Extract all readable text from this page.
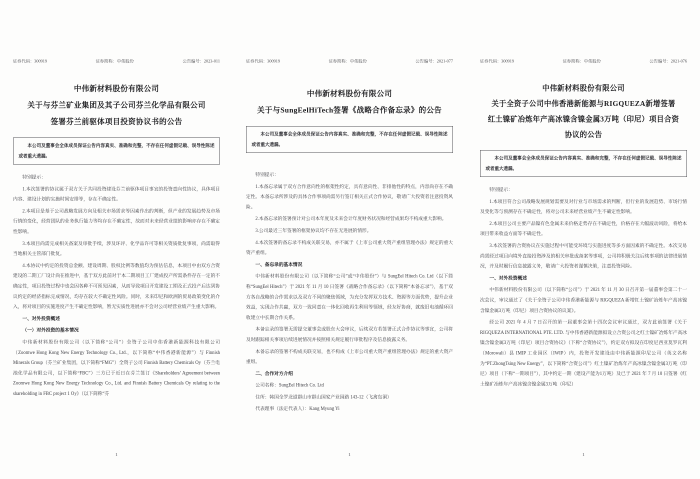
证券代码：300919	证券简称：中伟股份	公告编号：2023-011
中伟新材料股份有限公司
关于与芬兰矿业集团及其子公司芬兰化学品有限公司
签署芬兰前驱体项目投资协议书的公告
本公司及董事会全体成员保证公告内容真实、准确和完整，不存在任何虚假记载、误导性陈述或者重大遗漏。

特别提示：

1.本次签署的协议属于双方关于共同投资建设芬兰前驱体项目事宜的投资意向性协议，具体项目内容、建设计划的实施时间安排等，存在不确定性。

2.本项目是基于公司战略发展方向及相关市场需求等因素作出的判断，但产业的发展趋势及市场行情的变化，经营团队的业务执行能力等均存在不确定性，故而对未来经营业绩的影响亦存在不确定性影响。

3.本项目尚需完成相关备案及审批手续，涉及环评、化学品许可等相关资质批复事项，尚需取得当地相关主管部门批复。

4.本协议中约定的投资总金额、建设周期、股权比例等数值均为预估信息，本项目中由双方合资建设的二期工厂设计尚在推进中，基于双方此前对于本二期项目工厂建成投产所需条件存在一定的不确定性，项目投资过程中也会因各种不可预见因素，从而导致项目开发建设工期及正式投产后达到协议约定的经济指标完成情况，均存在较大不确定性风险。同时，未来印尼和欧洲的贸易政策变化的介入，将对项目的实施进度产生不确定性影响，暂无实质性进展亦不会对公司经营业绩产生重大影响。

一、对外投资概述

（一）对外投资的基本情况

中伟新材料股份有限公司（以下简称“公司”）全资子公司中伟香港新能源科技有限公司（Zoomwe Hong Kong New Energy Technology Co., Ltd.，以下简称“中伟香港新能源”）与 Finnish Minerals Group（芬兰矿业集团，以下简称“FMG”）全资子公司 Finnish Battery Chemicals Oy（芬兰电池化学品有限公司，以下简称“FBC”）三方已于近日在芬兰签订《Shareholders’ Agreement between Zoomwe Hong Kong New Energy Technology Co., Ltd. and Finnish Battery Chemicals Oy relating to the shareholding in FBC project 1 Oy》（以下简称“芬

1
证券代码：300919	证券简称：中伟股份	公告编号：2021-077
中伟新材料股份有限公司
关于与SungEelHiTech签署《战略合作备忘录》的公告
本公司及董事会全体成员保证公告内容真实、准确和完整，不存在任何虚假记载、误导性陈述或者重大遗漏。

特别提示：

1.本备忘录属于双方合作意向性的框架性约定，具有意向性、非排他性的特点，内容尚存在不确定性。本备忘录所涉及的具体合作事项尚需另行签订相关正式合作协议，敬请广大投资者注意投资风险。

2.本备忘录的签署预计对公司本年度及未来会计年度财务状况和经营成果均不构成重大影响。

3.公司最近三年签署的框架协议均不存在无进展的情形。

4.本次签署的备忘录不构成关联交易，亦不属于《上市公司重大资产重组管理办法》规定的重大资产重组。

一、备忘录的基本情况

中伟新材料股份有限公司（以下简称“公司”或“中伟股份”）与 SungEel Hitech Co. Ltd（以下简称“SungEel Hitech”）于 2021 年 11 月 10 日签署《战略合作备忘录》（以下简称“本备忘录”），基于双方各自战略的合作需求以及双方不同的聚焦领域，为充分发挥双方技术、资源等方面优势，提升企业效益，实现合作共赢，双方一致同意在一体化回收再生利用等领域，经友好协商，就废旧电池循环回收建立中长期合作关系。

本备忘录的签署无需提交董事会或股东大会审议，后续双方若签署正式合作协议等事宜，公司将及时跟踪相关事项后续进展情况并按照相关规定履行审批程序及信息披露义务。

本备忘录的签署不构成关联交易，也不构成《上市公司重大资产重组管理办法》规定的重大资产重组。

二、合作对方介绍

公司名称：SungEel Hitech Co. Ltd

住所：韩国全罗北道群山市群山国家产业园路 143-12（飞禽岛洞）

代表理事（法定代表人）：Kang Myung Yi

1
证券代码：300919	证券简称：中伟股份	公告编号：2021-076
中伟新材料股份有限公司
关于全资子公司中伟香港新能源与RIGQUEZA新增签署
红土镍矿冶炼年产高冰镍含镍金属3万吨（印尼）项目合资
协议的公告
本公司及董事会全体成员保证公告内容真实、准确和完整，不存在任何虚假记载、误导性陈述或者重大遗漏。

特别提示：

1.本项目符合公司战略发展规划需要及对行业与市场需求的判断，但行业的发展趋势、市场行情及变化等与预测存在不确定性，将对公司未来经营业绩产生不确定性影响。

2.本项目公司主要产品镍有色金属未来价格走势存在不确定性，价格存在大幅波动风险，将给本项目带来收益方面等不确定性。

3.本次签署的合资协议在实施过程中可能受环境与实施进度等多方面因素的不确定性。本次交易尚需经过项目向境外直接投资涉及的相关审批或备案等事项，公司将积极关注后续事项的法律进展情况，并及时履行信息披露义务，敬请广大投资者谨慎决策，注意投资风险。

一、对外投资概述

中伟新材料股份有限公司（以下简称“公司”）于 2021 年 11 月 30 日召开第一届董事会第二十一次会议，审议通过了《关于全资子公司中伟香港新能源与 RIGQUEZA 新增红土镍矿冶炼年产高冰镍含镍金属3万吨（印尼）项目合资协议的议案》。

经公司 2021 年 4 月 7 日召开的第一届董事会第十四次会议审议通过，双方此前签署《关于 RIGQUEZA INTERNATIONAL PTE. LTD. 与中伟香港新能源拟设立合资公司之红土镍矿冶炼年产高冰镍含镍金属3万吨（印尼）项目合资协议》（下称“合资协议”），约定双方拟设在印度尼西亚莫罗瓦利（Morowali）县 IMIP 工业园区（IWIP）内，投资开发建设由中伟新能源印尼公司（英文名称为“PT.ZhongTsing New Energy”，以下简称“合资公司”）红土镍矿冶炼年产高冰镍含镍金属3万吨（印尼）项目（下称“一期项目”），其中约定一期（建设产能为1万吨）及已于 2021 年 7 月 10 日签署《红土镍矿冶炼年产高冰镍含镍金属3万吨（印尼）

1
